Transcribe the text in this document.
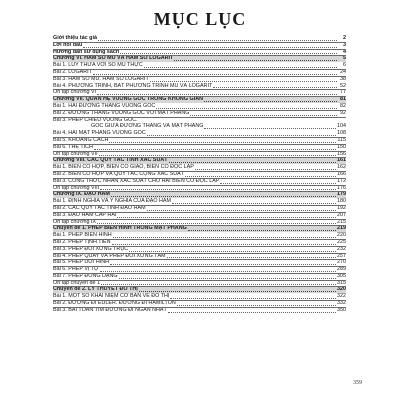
MỤC LỤC
Giới thiệu tác giả	2
Lời nói đầu	3
Hướng dẫn sử dụng sách	4
Chương VI. HÀM SỐ MŨ VÀ HÀM SỐ LÔGARIT	5
Bài 1. LUỸ THỪA VỚI SỐ MŨ THỰC	6
Bài 2. LÔGARIT	24
Bài 3. HÀM SỐ MŨ. HÀM SỐ LÔGARIT	38
Bài 4. PHƯƠNG TRÌNH, BẤT PHƯƠNG TRÌNH MŨ VÀ LÔGARIT	52
Ôn tập chương VI	77
Chương VII. QUAN HỆ VUÔNG GÓC TRONG KHÔNG GIAN	81
Bài 1. HAI ĐƯỜNG THẲNG VUÔNG GÓC	82
Bài 2. ĐƯỜNG THẲNG VUÔNG GÓC VỚI MẶT PHẲNG	92
Bài 3. PHÉP CHIẾU VUÔNG GÓC.
GÓC GIỮA ĐƯỜNG THẲNG VÀ MẶT PHẲNG	104
Bài 4. HAI MẶT PHẲNG VUÔNG GÓC	108
Bài 5. KHOẢNG CÁCH	115
Bài 6. THỂ TÍCH	150
Ôn tập chương VII	156
Chương VIII. CÁC QUY TẮC TÍNH XÁC SUẤT	161
Bài 1. BIẾN CỐ HỢP, BIẾN CỐ GIAO, BIẾN CỐ ĐỘC LẬP	162
Bài 2. BIẾN CỐ HỢP VÀ QUY TẮC CỘNG XÁC SUẤT	166
Bài 3. CÔNG THỨC NHÂN XÁC SUẤT CHO HAI BIẾN CỐ ĐỘC LẬP	172
Ôn tập chương VIII	176
Chương IX. ĐẠO HÀM	179
Bài 1. ĐỊNH NGHĨA VÀ Ý NGHĨA CỦA ĐẠO HÀM	180
Bài 2. CÁC QUY TẮC TÍNH ĐẠO HÀM	192
Bài 3. ĐẠO HÀM CẤP HAI	207
Ôn tập chương IX	215
Chuyên đề 1. PHÉP BIẾN HÌNH TRONG MẶT PHẲNG	219
Bài 1. PHÉP BIẾN HÌNH	220
Bài 2. PHÉP TỊNH TIẾN	225
Bài 3. PHÉP ĐỐI XỨNG TRỤC	232
Bài 4. PHÉP QUAY VÀ PHÉP ĐỐI XỨNG TÂM	257
Bài 5. PHÉP DỜI HÌNH	270
Bài 6. PHÉP VỊ TỰ	289
Bài 7. PHÉP ĐỒNG DẠNG	305
Ôn tập chuyên đề 1	315
Chuyên đề 2. LÝ THUYẾT ĐỒ THỊ	320
Bài 1. MỘT SỐ KHÁI NIỆM CƠ BẢN VỀ ĐỒ THỊ	322
Bài 2. ĐƯỜNG ĐI EULER. ĐƯỜNG ĐI HAMILTON	332
Bài 3. BÀI TOÁN TÌM ĐƯỜNG ĐI NGẮN NHẤT	350
359
